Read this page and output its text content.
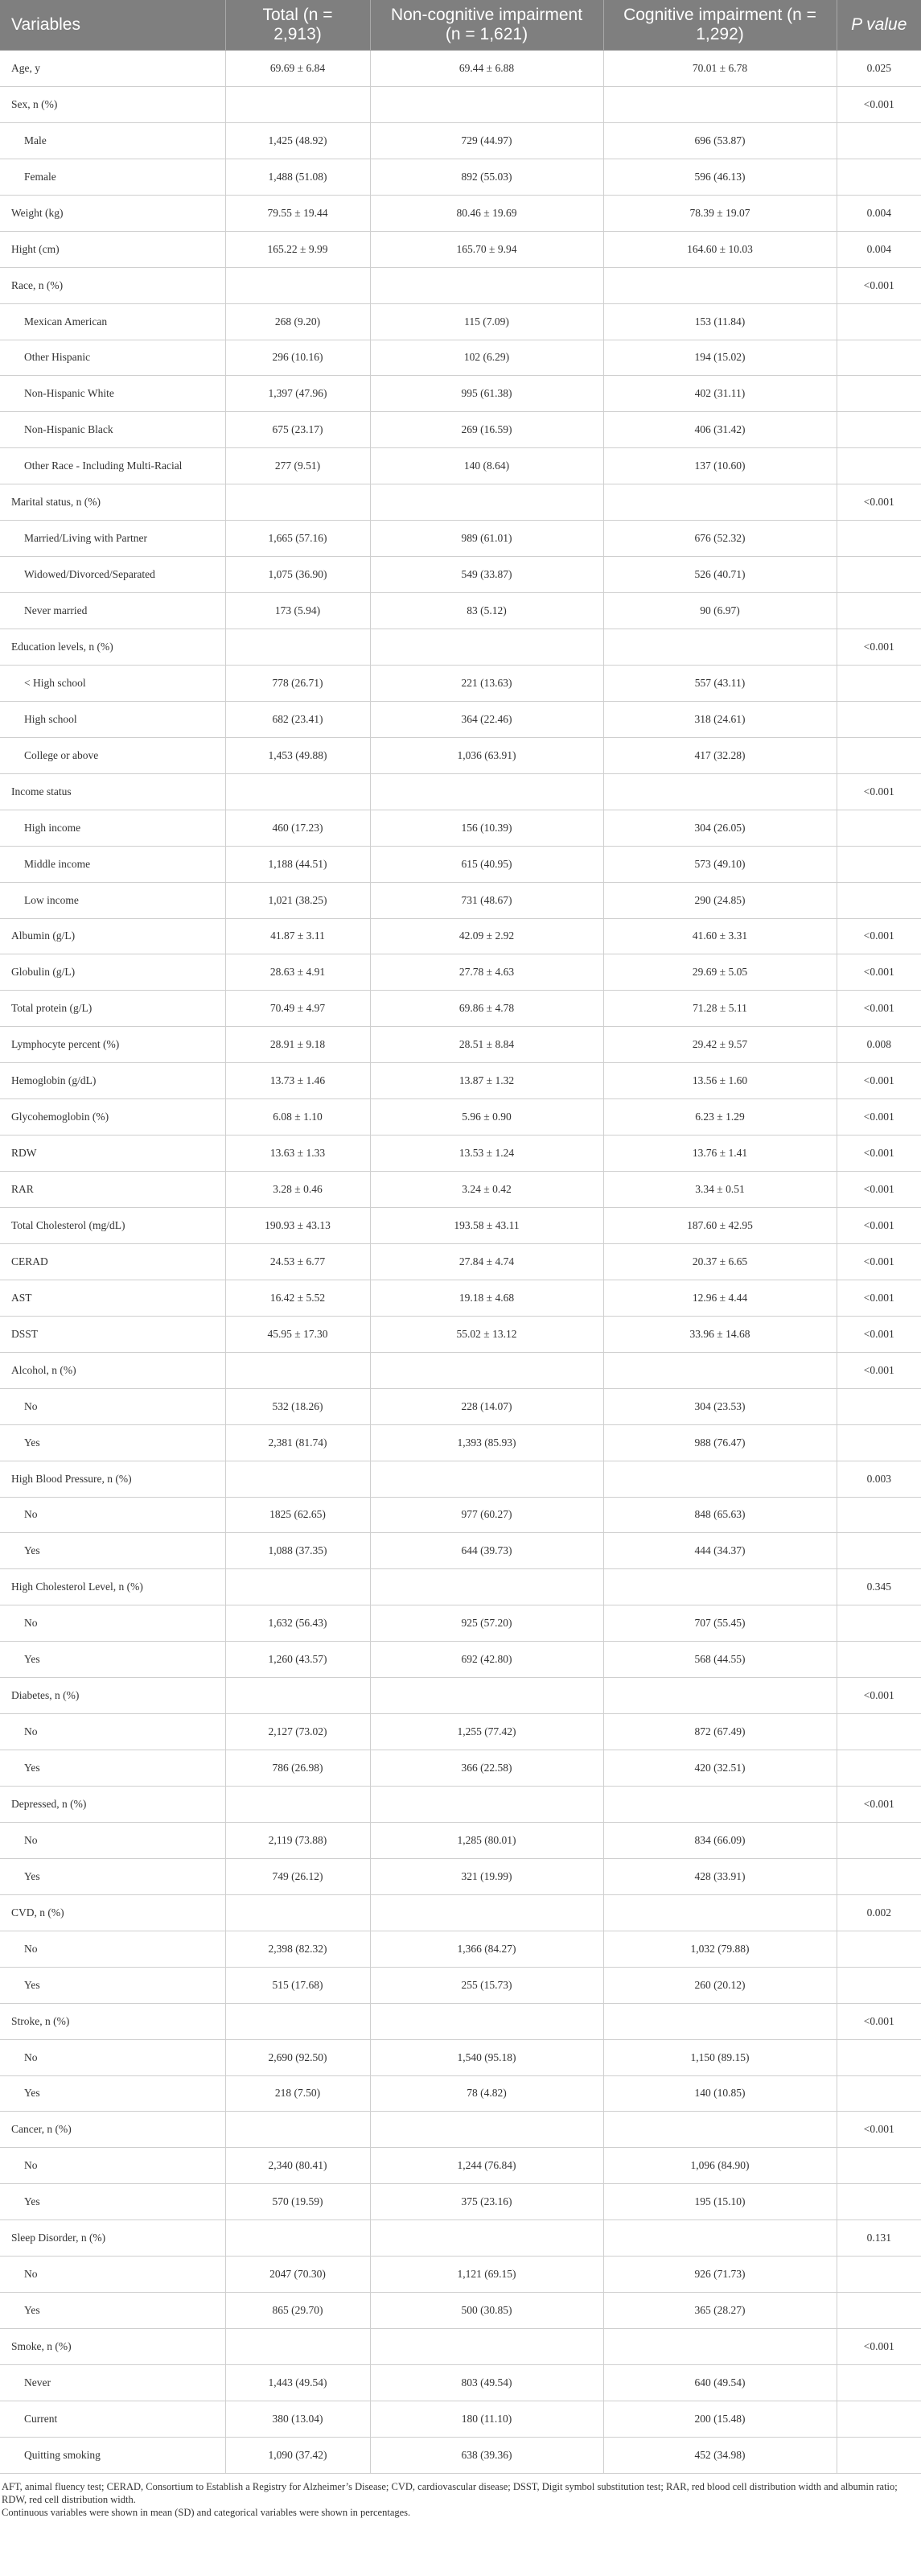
Variables	Total (n = 2,913)	Non-cognitive impairment (n = 1,621)	Cognitive impairment (n = 1,292)	P value
Age, y	69.69 ± 6.84	69.44 ± 6.88	70.01 ± 6.78	0.025
Sex, n (%)				<0.001
Male	1,425 (48.92)	729 (44.97)	696 (53.87)	
Female	1,488 (51.08)	892 (55.03)	596 (46.13)	
Weight (kg)	79.55 ± 19.44	80.46 ± 19.69	78.39 ± 19.07	0.004
Hight (cm)	165.22 ± 9.99	165.70 ± 9.94	164.60 ± 10.03	0.004
Race, n (%)				<0.001
Mexican American	268 (9.20)	115 (7.09)	153 (11.84)	
Other Hispanic	296 (10.16)	102 (6.29)	194 (15.02)	
Non-Hispanic White	1,397 (47.96)	995 (61.38)	402 (31.11)	
Non-Hispanic Black	675 (23.17)	269 (16.59)	406 (31.42)	
Other Race - Including Multi-Racial	277 (9.51)	140 (8.64)	137 (10.60)	
Marital status, n (%)				<0.001
Married/Living with Partner	1,665 (57.16)	989 (61.01)	676 (52.32)	
Widowed/Divorced/Separated	1,075 (36.90)	549 (33.87)	526 (40.71)	
Never married	173 (5.94)	83 (5.12)	90 (6.97)	
Education levels, n (%)				<0.001
< High school	778 (26.71)	221 (13.63)	557 (43.11)	
High school	682 (23.41)	364 (22.46)	318 (24.61)	
College or above	1,453 (49.88)	1,036 (63.91)	417 (32.28)	
Income status				<0.001
High income	460 (17.23)	156 (10.39)	304 (26.05)	
Middle income	1,188 (44.51)	615 (40.95)	573 (49.10)	
Low income	1,021 (38.25)	731 (48.67)	290 (24.85)	
Albumin (g/L)	41.87 ± 3.11	42.09 ± 2.92	41.60 ± 3.31	<0.001
Globulin (g/L)	28.63 ± 4.91	27.78 ± 4.63	29.69 ± 5.05	<0.001
Total protein (g/L)	70.49 ± 4.97	69.86 ± 4.78	71.28 ± 5.11	<0.001
Lymphocyte percent (%)	28.91 ± 9.18	28.51 ± 8.84	29.42 ± 9.57	0.008
Hemoglobin (g/dL)	13.73 ± 1.46	13.87 ± 1.32	13.56 ± 1.60	<0.001
Glycohemoglobin (%)	6.08 ± 1.10	5.96 ± 0.90	6.23 ± 1.29	<0.001
RDW	13.63 ± 1.33	13.53 ± 1.24	13.76 ± 1.41	<0.001
RAR	3.28 ± 0.46	3.24 ± 0.42	3.34 ± 0.51	<0.001
Total Cholesterol (mg/dL)	190.93 ± 43.13	193.58 ± 43.11	187.60 ± 42.95	<0.001
CERAD	24.53 ± 6.77	27.84 ± 4.74	20.37 ± 6.65	<0.001
AST	16.42 ± 5.52	19.18 ± 4.68	12.96 ± 4.44	<0.001
DSST	45.95 ± 17.30	55.02 ± 13.12	33.96 ± 14.68	<0.001
Alcohol, n (%)				<0.001
No	532 (18.26)	228 (14.07)	304 (23.53)	
Yes	2,381 (81.74)	1,393 (85.93)	988 (76.47)	
High Blood Pressure, n (%)				0.003
No	1825 (62.65)	977 (60.27)	848 (65.63)	
Yes	1,088 (37.35)	644 (39.73)	444 (34.37)	
High Cholesterol Level, n (%)				0.345
No	1,632 (56.43)	925 (57.20)	707 (55.45)	
Yes	1,260 (43.57)	692 (42.80)	568 (44.55)	
Diabetes, n (%)				<0.001
No	2,127 (73.02)	1,255 (77.42)	872 (67.49)	
Yes	786 (26.98)	366 (22.58)	420 (32.51)	
Depressed, n (%)				<0.001
No	2,119 (73.88)	1,285 (80.01)	834 (66.09)	
Yes	749 (26.12)	321 (19.99)	428 (33.91)	
CVD, n (%)				0.002
No	2,398 (82.32)	1,366 (84.27)	1,032 (79.88)	
Yes	515 (17.68)	255 (15.73)	260 (20.12)	
Stroke, n (%)				<0.001
No	2,690 (92.50)	1,540 (95.18)	1,150 (89.15)	
Yes	218 (7.50)	78 (4.82)	140 (10.85)	
Cancer, n (%)				<0.001
No	2,340 (80.41)	1,244 (76.84)	1,096 (84.90)	
Yes	570 (19.59)	375 (23.16)	195 (15.10)	
Sleep Disorder, n (%)				0.131
No	2047 (70.30)	1,121 (69.15)	926 (71.73)	
Yes	865 (29.70)	500 (30.85)	365 (28.27)	
Smoke, n (%)				<0.001
Never	1,443 (49.54)	803 (49.54)	640 (49.54)	
Current	380 (13.04)	180 (11.10)	200 (15.48)	
Quitting smoking	1,090 (37.42)	638 (39.36)	452 (34.98)	

AFT, animal fluency test; CERAD, Consortium to Establish a Registry for Alzheimer’s Disease; CVD, cardiovascular disease; DSST, Digit symbol substitution test; RAR, red blood cell distribution width and albumin ratio; RDW, red cell distribution width.

Continuous variables were shown in mean (SD) and categorical variables were shown in percentages.
